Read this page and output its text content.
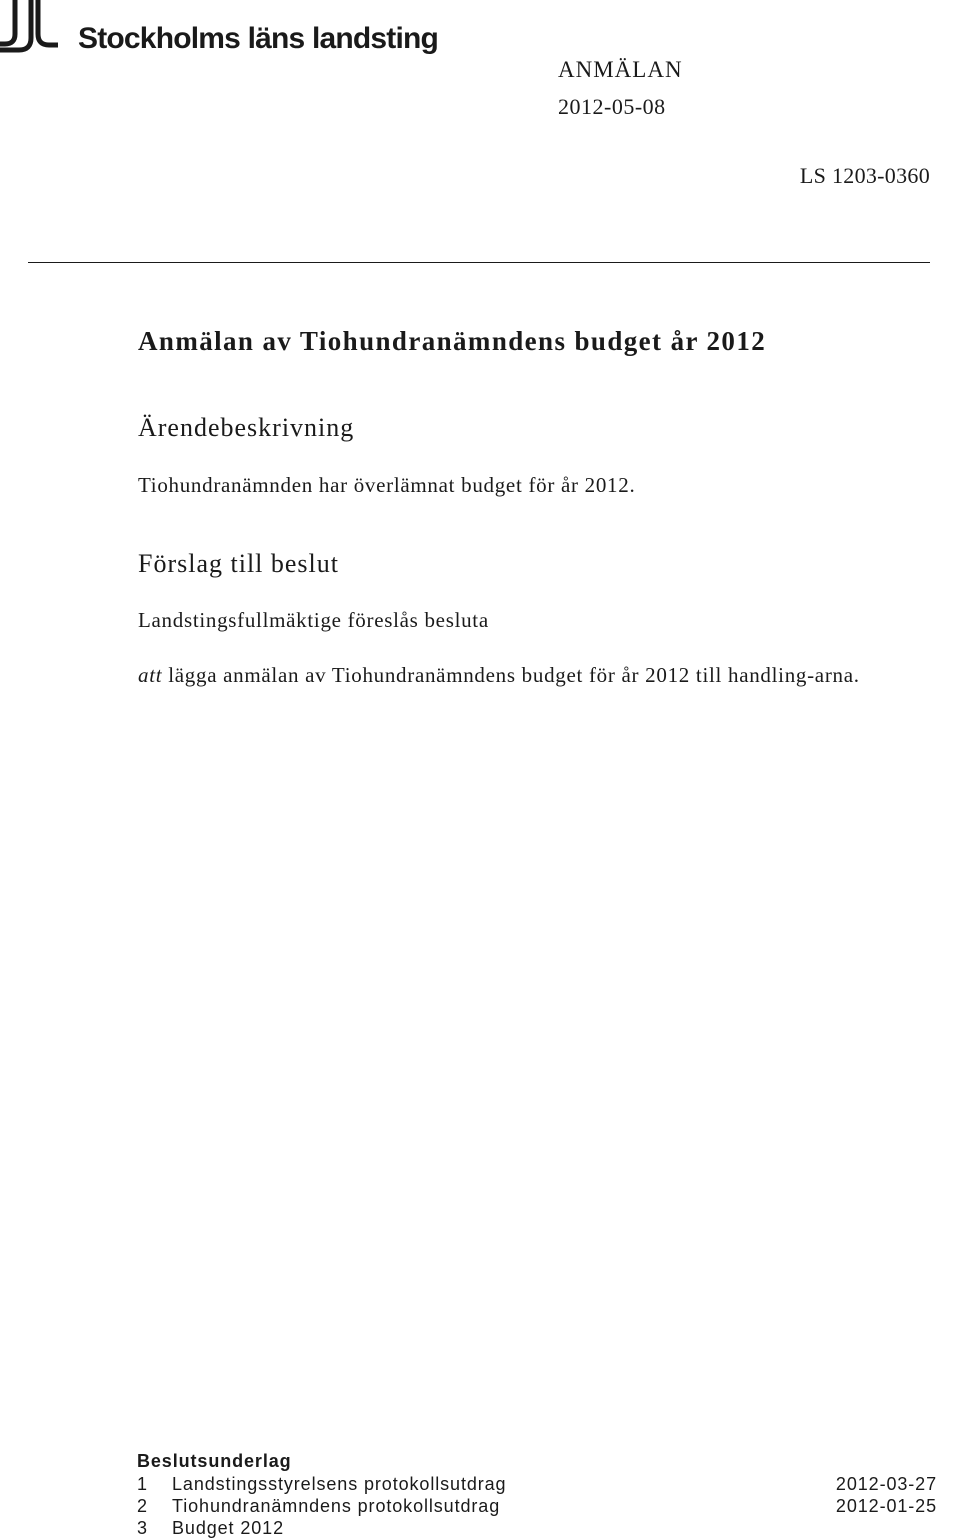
Stockholms läns landsting
ANMÄLAN
2012-05-08
LS 1203-0360
Anmälan av Tiohundranämndens budget år 2012
Ärendebeskrivning
Tiohundranämnden har överlämnat budget för år 2012.
Förslag till beslut
Landstingsfullmäktige föreslås besluta
att lägga anmälan av Tiohundranämndens budget för år 2012 till handling-arna.
Beslutsunderlag
1 Landstingsstyrelsens protokollsutdrag	2012-03-27
2 Tiohundranämndens protokollsutdrag	2012-01-25
3 Budget 2012
